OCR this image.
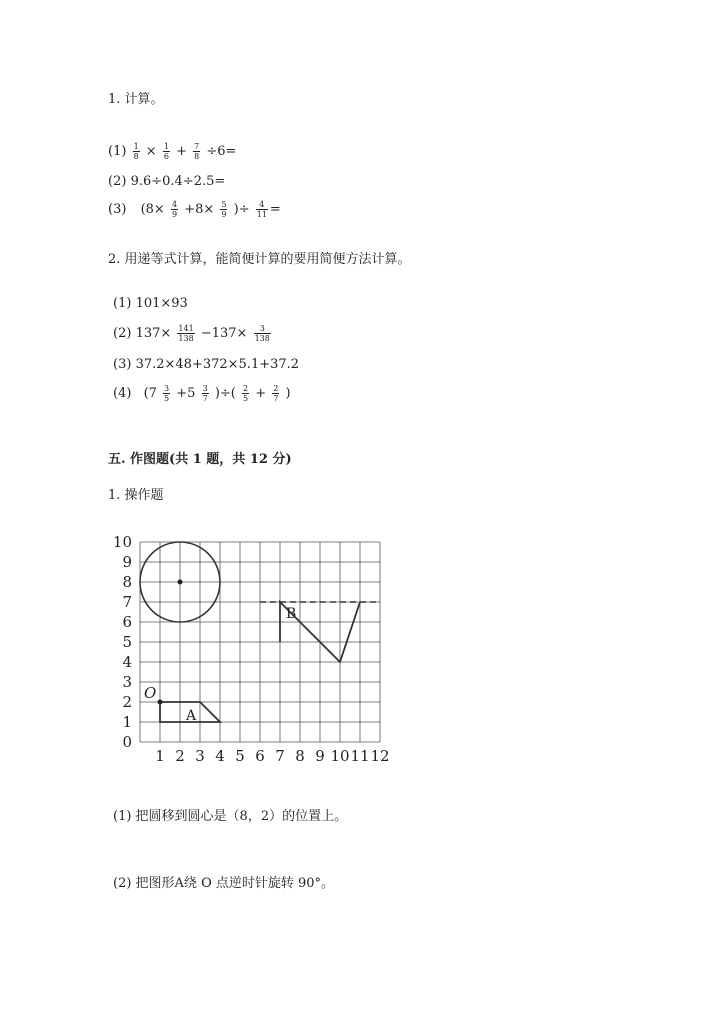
1. 计算。
$(1) \frac{1}{8} \times \frac{1}{6} + \frac{7}{8} \div 6=$
(2) 9.6÷0.4÷2.5=
(3) ($8\times \frac{4}{9} +8\times \frac{5}{9}$ )÷ $\frac{4}{11}$ =
2. 用递等式计算，能简便计算的要用简便方法计算。
(1) 101×93
(2) $137\times \frac{141}{138} -137\times \frac{3}{138}$
(3) 37.2×48+372×5.1+37.2
(4) ($7 \frac{3}{5} +5 \frac{3}{7}$ )÷( $\frac{2}{5} + \frac{2}{7}$ )
五. 作图题(共 1 题，共 12 分)
1. 操作题
10
9
8
7
6
5
4
3
2
1
0
1 2 3 4 5 6 7 8 9 10 11 12
O
A
B
(1) 把圆移到圆心是（8，2）的位置上。
(2) 把图形A绕 O 点逆时针旋转 90°。
